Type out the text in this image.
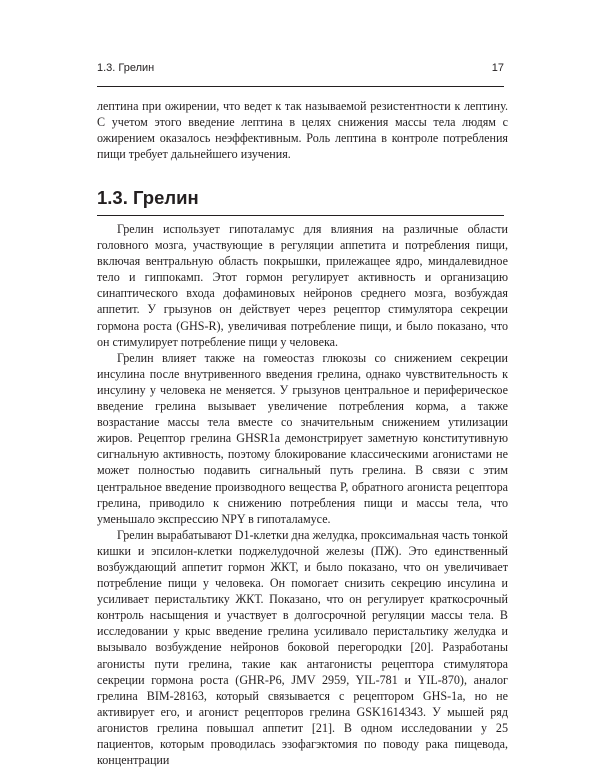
1.3. Грелин	17

лептина при ожирении, что ведет к так называемой резистентности к лептину. С учетом этого введение лептина в целях снижения массы тела людям с ожирением оказалось неэффективным. Роль лептина в контроле потребления пищи требует дальнейшего изучения.

1.3. Грелин

Грелин использует гипоталамус для влияния на различные области головного мозга, участвующие в регуляции аппетита и потребления пищи, включая вентральную область покрышки, прилежащее ядро, миндалевидное тело и гиппокамп. Этот гормон регулирует активность и организацию синаптического входа дофаминовых нейронов среднего мозга, возбуждая аппетит. У грызунов он действует через рецептор стимулятора секреции гормона роста (GHS-R), увеличивая потребление пищи, и было показано, что он стимулирует потребление пищи у человека.

Грелин влияет также на гомеостаз глюкозы со снижением секреции инсулина после внутривенного введения грелина, однако чувствительность к инсулину у человека не меняется. У грызунов центральное и периферическое введение грелина вызывает увеличение потребления корма, а также возрастание массы тела вместе со значительным снижением утилизации жиров. Рецептор грелина GHSR1a демонстрирует заметную конститутивную сигнальную активность, поэтому блокирование классическими агонистами не может полностью подавить сигнальный путь грелина. В связи с этим центральное введение производного вещества P, обратного агониста рецептора грелина, приводило к снижению потребления пищи и массы тела, что уменьшало экспрессию NPY в гипоталамусе.

Грелин вырабатывают D1-клетки дна желудка, проксимальная часть тонкой кишки и эпсилон-клетки поджелудочной железы (ПЖ). Это единственный возбуждающий аппетит гормон ЖКТ, и было показано, что он увеличивает потребление пищи у человека. Он помогает снизить секрецию инсулина и усиливает перистальтику ЖКТ. Показано, что он регулирует краткосрочный контроль насыщения и участвует в долгосрочной регуляции массы тела. В исследовании у крыс введение грелина усиливало перистальтику желудка и вызывало возбуждение нейронов боковой перегородки [20]. Разработаны агонисты пути грелина, такие как антагонисты рецептора стимулятора секреции гормона роста (GHR-P6, JMV 2959, YIL-781 и YIL-870), аналог грелина BIM-28163, который связывается с рецептором GHS-1a, но не активирует его, и агонист рецепторов грелина GSK1614343. У мышей ряд агонистов грелина повышал аппетит [21]. В одном исследовании у 25 пациентов, которым проводилась эзофагэктомия по поводу рака пищевода, концентрации
